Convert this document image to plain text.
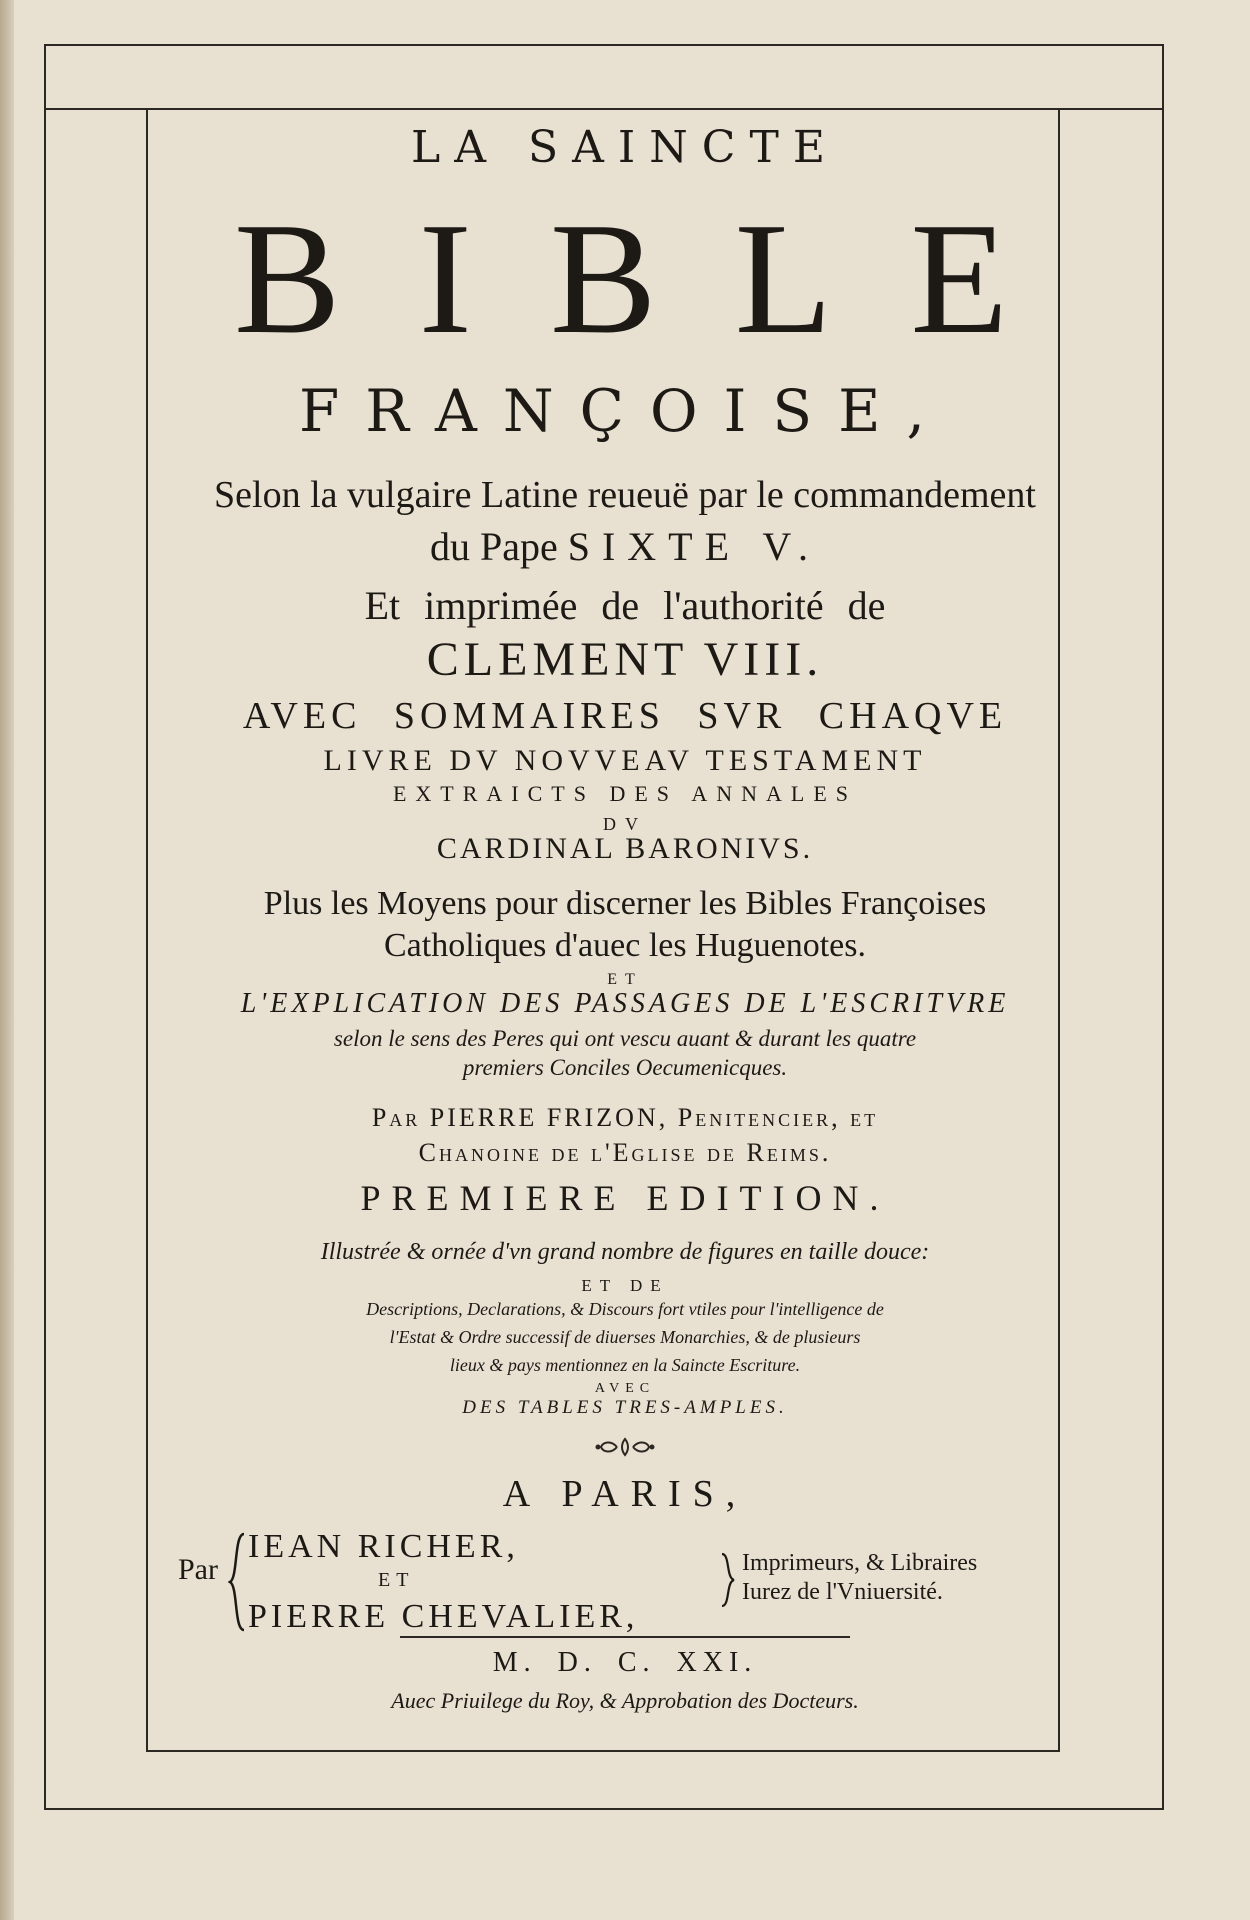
LA SAINCTE
BIBLE
FRANÇOISE,
Selon la vulgaire Latine reueuë par le commandement
du Pape SIXTE V.
Et imprimée de l'authorité de
CLEMENT VIII.
AVEC SOMMAIRES SVR CHAQVE
LIVRE DV NOVVEAV TESTAMENT
EXTRAICTS DES ANNALES
DV
CARDINAL BARONIVS.
Plus les Moyens pour discerner les Bibles Françoises
Catholiques d'auec les Huguenotes.
ET
L'EXPLICATION DES PASSAGES DE L'ESCRITVRE
selon le sens des Peres qui ont vescu auant & durant les quatre
premiers Conciles Oecumenicques.
Par PIERRE FRIZON, Penitencier, et
Chanoine de l'Eglise de Reims.
PREMIERE EDITION.
Illustrée & ornée d'vn grand nombre de figures en taille douce:
ET DE
Descriptions, Declarations, & Discours fort vtiles pour l'intelligence de
l'Estat & Ordre successif de diuerses Monarchies, & de plusieurs
lieux & pays mentionnez en la Saincte Escriture.
AVEC
DES TABLES TRES-AMPLES.
A PARIS,
Par
IEAN RICHER,
ET
PIERRE CHEVALIER,
Imprimeurs, & Libraires
Iurez de l'Vniuersité.
M. D. C. XXI.
Auec Priuilege du Roy, & Approbation des Docteurs.
